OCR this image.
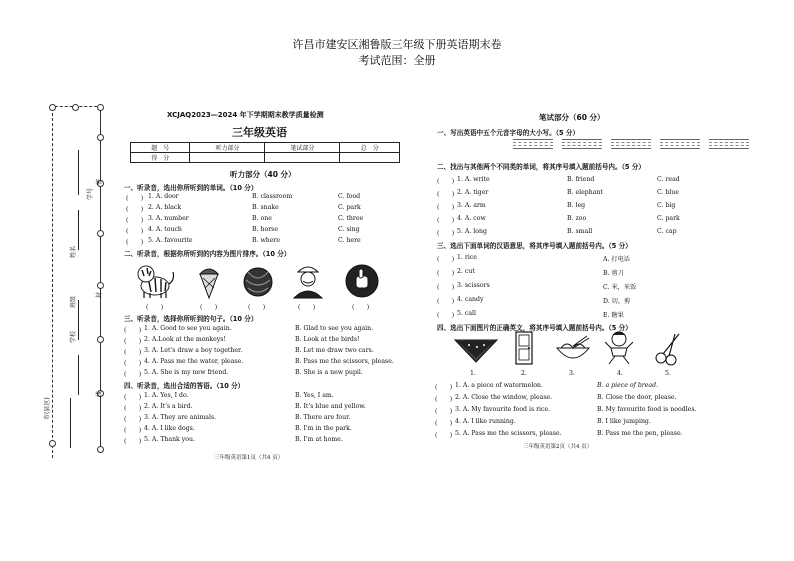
许昌市建安区湘鲁版三年级下册英语期末卷
考试范围：全册
学号
姓名
班级
学校
市(县区)
密
封
线
XCJAQ2023—2024 年下学期期末教学质量检测
三年级英语
题　号	听力部分	笔试部分	总　分
得　分			
听力部分（40 分）
一、听录音，选出你所听到的单词。（10 分）
(　　) 1. A. door	B. classroom	C. food
(　　) 2. A. black	B. snake	C. park
(　　) 3. A. number	B. one	C. three
(　　) 4. A. touch	B. horse	C. sing
(　　) 5. A. favourite	B. where	C. here
二、听录音，根据你所听到的内容为图片排序。（10 分）
(　　)	(　　)	(　　)	(　　)	(　　)
三、听录音，选择你所听到的句子。（10 分）
(　　) 1. A. Good to see you again.	B. Glad to see you again.
(　　) 2. A.Look at the monkeys!	B. Look at the birds!
(　　) 3. A. Let's draw a boy together.	B. Let me draw two cars.
(　　) 4. A. Pass me the water, please.	B. Pass me the scissors, please.
(　　) 5. A. She is my new friend.	B. She is a new pupil.
四、听录音，选出合适的答语。（10 分）
(　　) 1. A. Yes, I do.	B. Yes, I am.
(　　) 2. A. It's a bird.	B. It's blue and yellow.
(　　) 3. A. They are animals.	B. There are four.
(　　) 4. A. I like dogs.	B. I'm in the park.
(　　) 5. A. Thank you.	B. I'm at home.
三年级英语第1页（共4 页）
笔试部分（60 分）
一、写出英语中五个元音字母的大小写。（5 分）
二、找出与其他两个不同类的单词，将其序号填入题前括号内。（5 分）
(　　) 1. A. write	B. friend	C. read
(　　) 2. A. tiger	B. elephant	C. blue
(　　) 3. A. arm	B. leg	C. big
(　　) 4. A. cow	B. zoo	C. park
(　　) 5. A. long	B. small	C. cap
三、选出下面单词的汉语意思，将其序号填入题前括号内。（5 分）
(　　) 1. rice	A. 打电话
(　　) 2. cut	B. 剪刀
(　　) 3. scissors	C. 米，米饭
(　　) 4. candy	D. 切，剪
(　　) 5. call	E. 糖果
四、选出下面图片的正确英文，将其序号填入题前括号内。（5 分）
1.	2.	3.	4.	5.
(　　) 1. A. a piece of watermelon.	B. a piece of bread.
(　　) 2. A. Close the window, please.	B. Close the door, please.
(　　) 3. A. My favourite food is rice.	B. My favourite food is noodles.
(　　) 4. A. I like running.	B. I like jumping.
(　　) 5. A. Pass me the scissors, please.	B. Pass me the pen, please.
三年级英语第2页（共4 页）
